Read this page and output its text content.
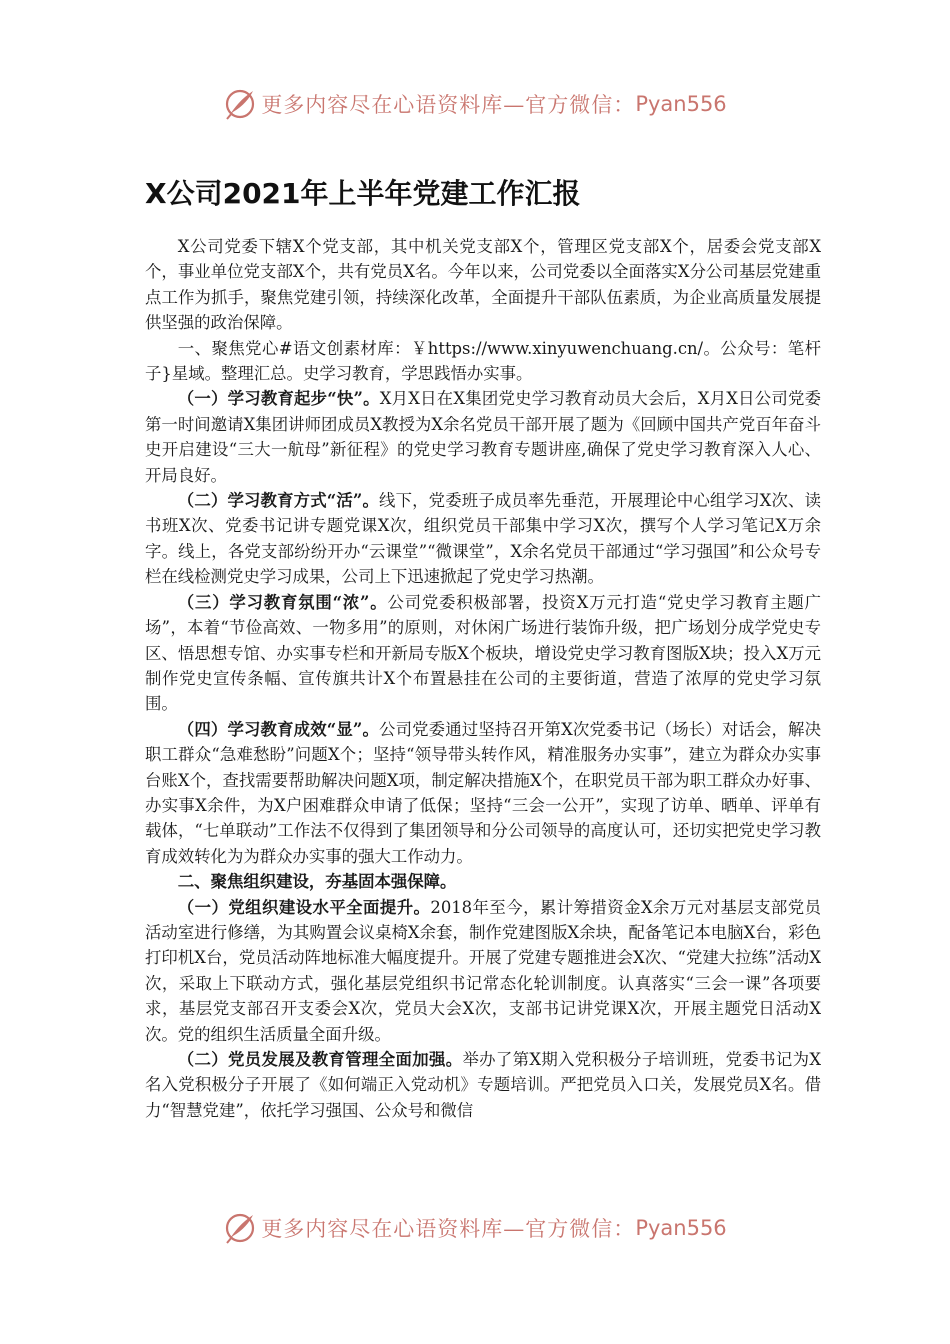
更多内容尽在心语资料库—官方微信： Pyan556
X公司2021年上半年党建工作汇报

X公司党委下辖X个党支部，其中机关党支部X个，管理区党支部X个，居委会党支部X个，事业单位党支部X个，共有党员X名。今年以来，公司党委以全面落实X分公司基层党建重点工作为抓手，聚焦党建引领，持续深化改革，全面提升干部队伍素质，为企业高质量发展提供坚强的政治保障。

一、聚焦党心#语文创素材库：￥https://www.xinyuwenchuang.cn/。公众号：笔杆子}星域。整理汇总。史学习教育，学思践悟办实事。

（一）学习教育起步“快”。X月X日在X集团党史学习教育动员大会后，X月X日公司党委第一时间邀请X集团讲师团成员X教授为X余名党员干部开展了题为《回顾中国共产党百年奋斗史开启建设“三大一航母”新征程》的党史学习教育专题讲座,确保了党史学习教育深入人心、开局良好。

（二）学习教育方式“活”。线下，党委班子成员率先垂范，开展理论中心组学习X次、读书班X次、党委书记讲专题党课X次，组织党员干部集中学习X次，撰写个人学习笔记X万余字。线上，各党支部纷纷开办“云课堂”“微课堂”，X余名党员干部通过“学习强国”和公众号专栏在线检测党史学习成果，公司上下迅速掀起了党史学习热潮。

（三）学习教育氛围“浓”。公司党委积极部署，投资X万元打造“党史学习教育主题广场”，本着“节俭高效、一物多用”的原则，对休闲广场进行装饰升级，把广场划分成学党史专区、悟思想专馆、办实事专栏和开新局专版X个板块，增设党史学习教育图版X块；投入X万元制作党史宣传条幅、宣传旗共计X个布置悬挂在公司的主要街道，营造了浓厚的党史学习氛围。

（四）学习教育成效“显”。公司党委通过坚持召开第X次党委书记（场长）对话会，解决职工群众“急难愁盼”问题X个；坚持“领导带头转作风，精准服务办实事”，建立为群众办实事台账X个，查找需要帮助解决问题X项，制定解决措施X个，在职党员干部为职工群众办好事、办实事X余件，为X户困难群众申请了低保；坚持“三会一公开”，实现了访单、晒单、评单有载体，“七单联动”工作法不仅得到了集团领导和分公司领导的高度认可，还切实把党史学习教育成效转化为为群众办实事的强大工作动力。

二、聚焦组织建设，夯基固本强保障。

（一）党组织建设水平全面提升。2018年至今，累计筹措资金X余万元对基层支部党员活动室进行修缮，为其购置会议桌椅X余套，制作党建图版X余块，配备笔记本电脑X台，彩色打印机X台，党员活动阵地标准大幅度提升。开展了党建专题推进会X次、“党建大拉练”活动X次，采取上下联动方式，强化基层党组织书记常态化轮训制度。认真落实“三会一课”各项要求，基层党支部召开支委会X次，党员大会X次，支部书记讲党课X次，开展主题党日活动X次。党的组织生活质量全面升级。

（二）党员发展及教育管理全面加强。举办了第X期入党积极分子培训班，党委书记为X名入党积极分子开展了《如何端正入党动机》专题培训。严把党员入口关，发展党员X名。借力“智慧党建”，依托学习强国、公众号和微信

更多内容尽在心语资料库—官方微信： Pyan556
